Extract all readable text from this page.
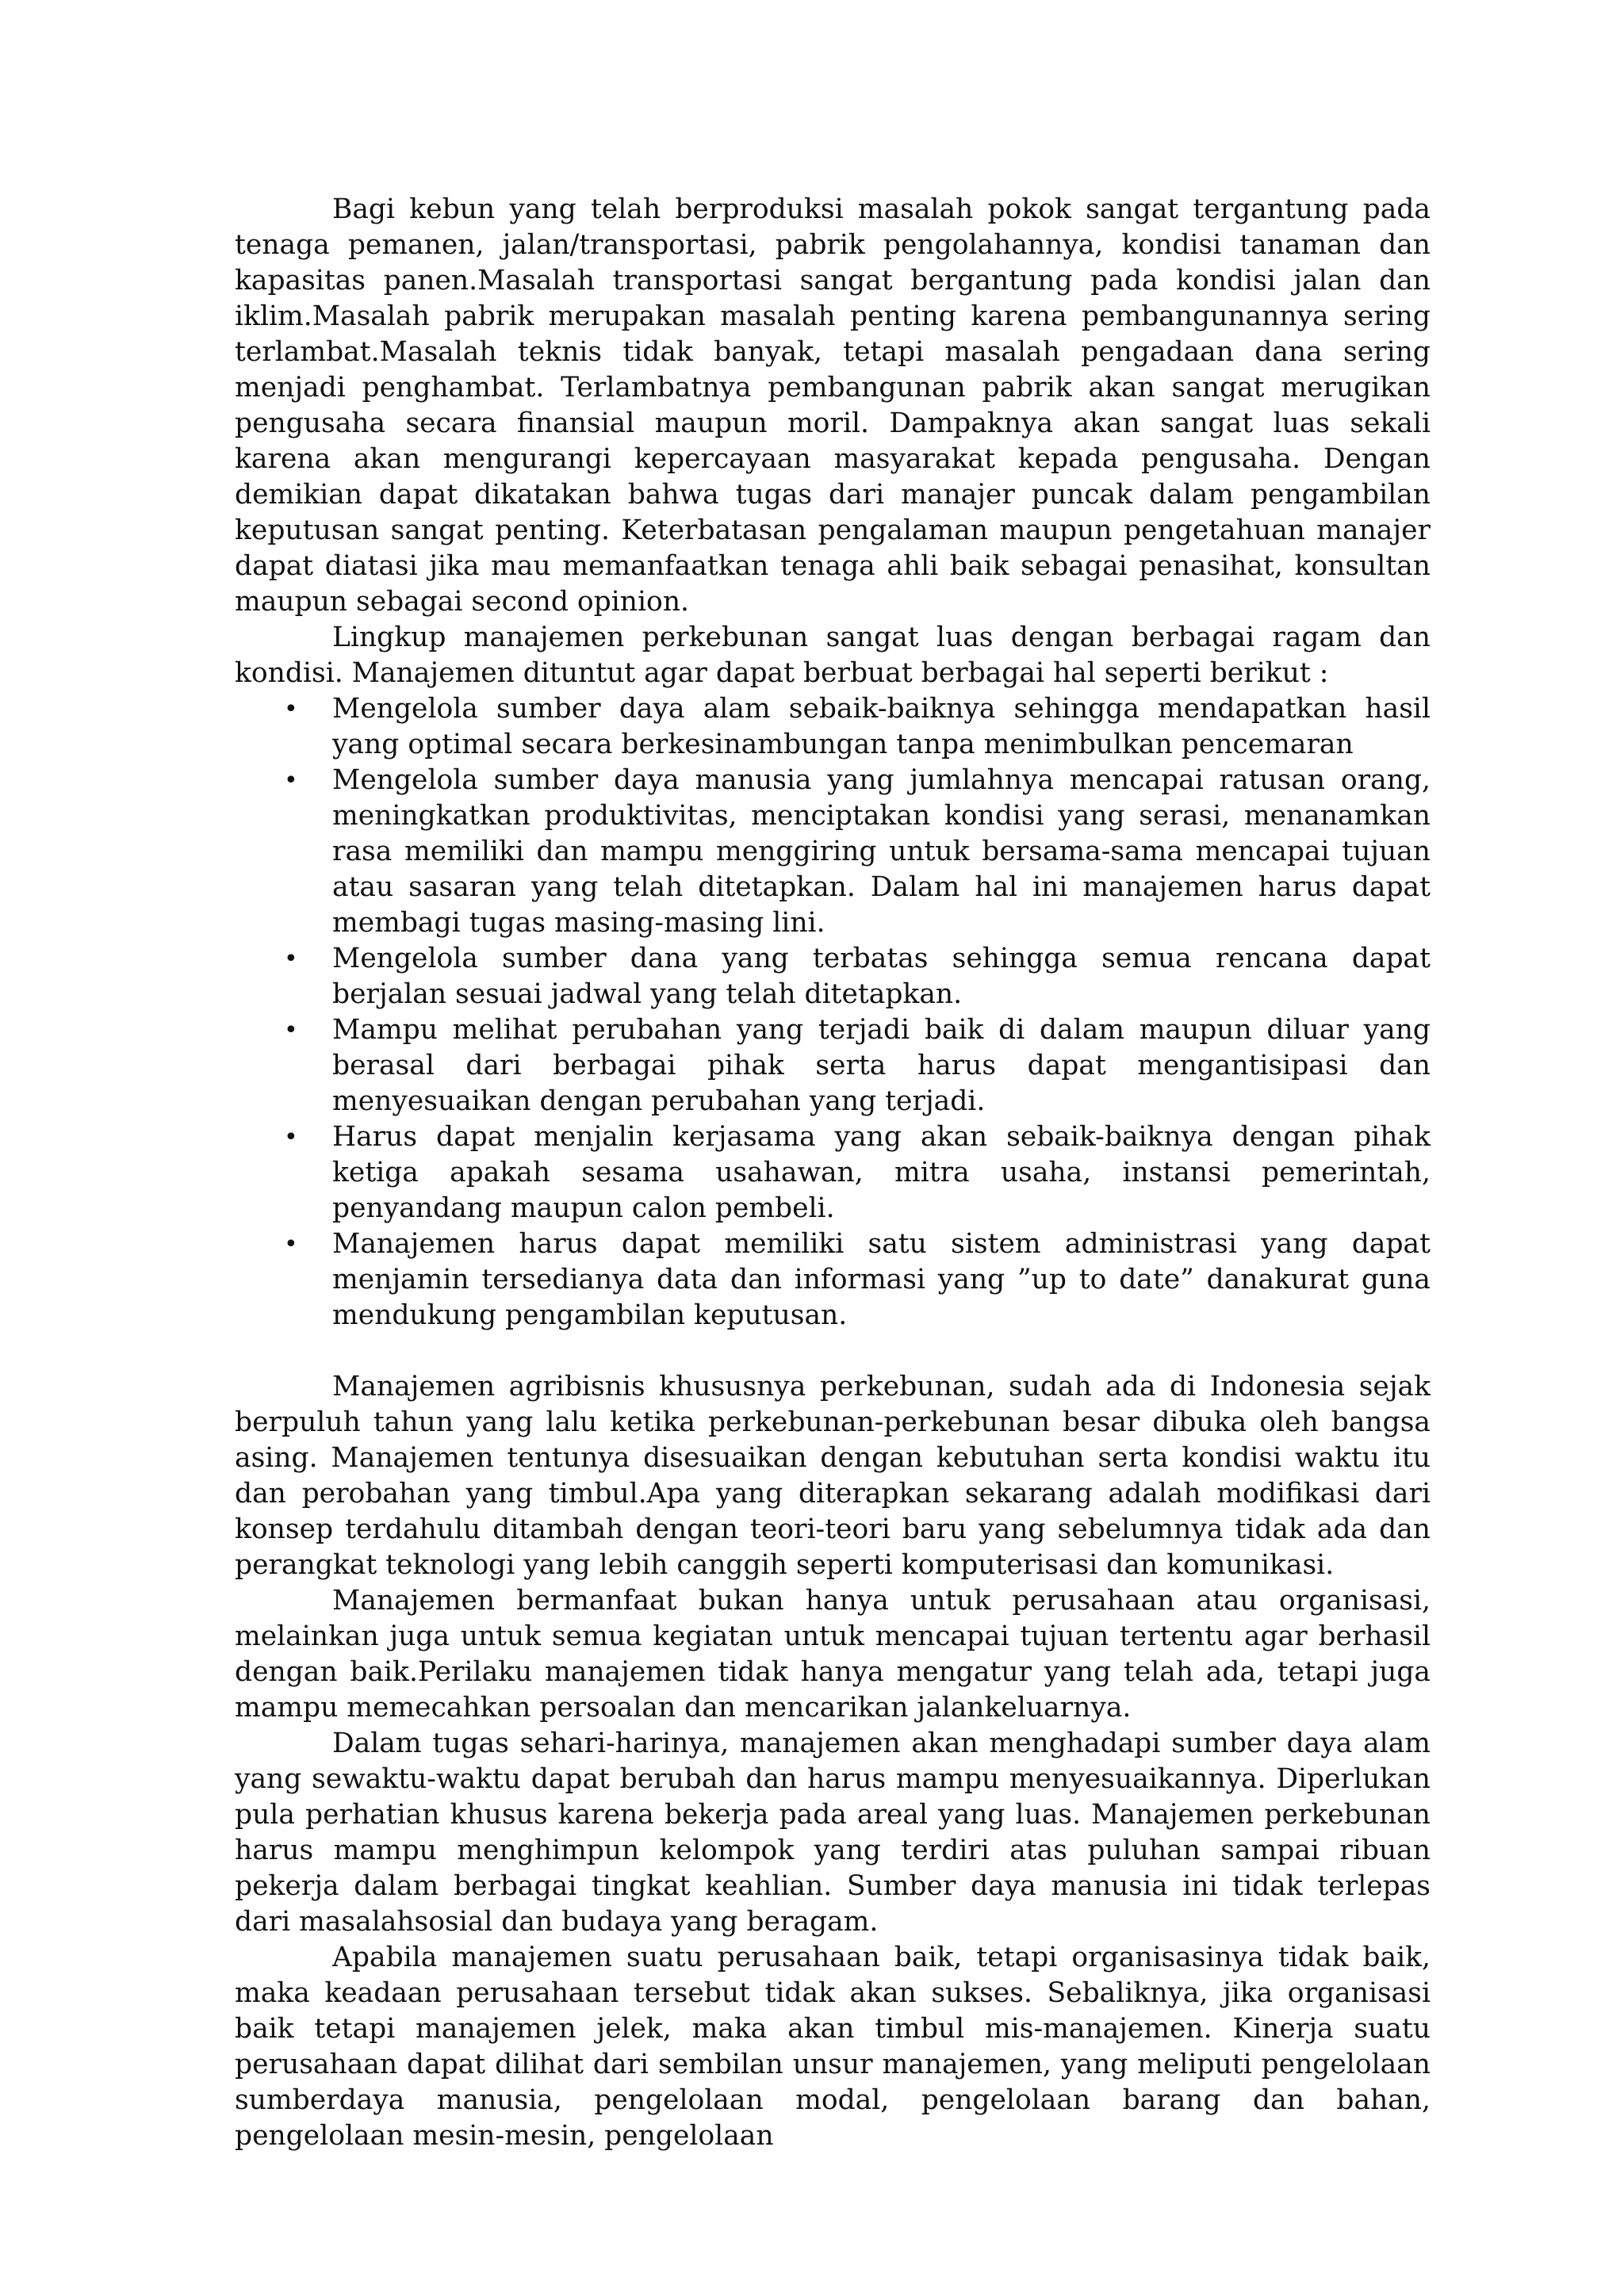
Bagi kebun yang telah berproduksi masalah pokok sangat tergantung pada tenaga pemanen, jalan/transportasi, pabrik pengolahannya, kondisi tanaman dan kapasitas panen.Masalah transportasi sangat bergantung pada kondisi jalan dan iklim.Masalah pabrik merupakan masalah penting karena pembangunannya sering terlambat.Masalah teknis tidak banyak, tetapi masalah pengadaan dana sering menjadi penghambat. Terlambatnya pembangunan pabrik akan sangat merugikan pengusaha secara finansial maupun moril. Dampaknya akan sangat luas sekali karena akan mengurangi kepercayaan masyarakat kepada pengusaha. Dengan demikian dapat dikatakan bahwa tugas dari manajer puncak dalam pengambilan keputusan sangat penting. Keterbatasan pengalaman maupun pengetahuan manajer dapat diatasi jika mau memanfaatkan tenaga ahli baik sebagai penasihat, konsultan maupun sebagai second opinion.

Lingkup manajemen perkebunan sangat luas dengan berbagai ragam dan kondisi. Manajemen dituntut agar dapat berbuat berbagai hal seperti berikut :

• Mengelola sumber daya alam sebaik-baiknya sehingga mendapatkan hasil yang optimal secara berkesinambungan tanpa menimbulkan pencemaran
• Mengelola sumber daya manusia yang jumlahnya mencapai ratusan orang, meningkatkan produktivitas, menciptakan kondisi yang serasi, menanamkan rasa memiliki dan mampu menggiring untuk bersama-sama mencapai tujuan atau sasaran yang telah ditetapkan. Dalam hal ini manajemen harus dapat membagi tugas masing-masing lini.
• Mengelola sumber dana yang terbatas sehingga semua rencana dapat berjalan sesuai jadwal yang telah ditetapkan.
• Mampu melihat perubahan yang terjadi baik di dalam maupun diluar yang berasal dari berbagai pihak serta harus dapat mengantisipasi dan menyesuaikan dengan perubahan yang terjadi.
• Harus dapat menjalin kerjasama yang akan sebaik-baiknya dengan pihak ketiga apakah sesama usahawan, mitra usaha, instansi pemerintah, penyandang maupun calon pembeli.
• Manajemen harus dapat memiliki satu sistem administrasi yang dapat menjamin tersedianya data dan informasi yang ”up to date” danakurat guna mendukung pengambilan keputusan.

Manajemen agribisnis khususnya perkebunan, sudah ada di Indonesia sejak berpuluh tahun yang lalu ketika perkebunan-perkebunan besar dibuka oleh bangsa asing. Manajemen tentunya disesuaikan dengan kebutuhan serta kondisi waktu itu dan perobahan yang timbul.Apa yang diterapkan sekarang adalah modifikasi dari konsep terdahulu ditambah dengan teori-teori baru yang sebelumnya tidak ada dan perangkat teknologi yang lebih canggih seperti komputerisasi dan komunikasi.

Manajemen bermanfaat bukan hanya untuk perusahaan atau organisasi, melainkan juga untuk semua kegiatan untuk mencapai tujuan tertentu agar berhasil dengan baik.Perilaku manajemen tidak hanya mengatur yang telah ada, tetapi juga mampu memecahkan persoalan dan mencarikan jalankeluarnya.

Dalam tugas sehari-harinya, manajemen akan menghadapi sumber daya alam yang sewaktu-waktu dapat berubah dan harus mampu menyesuaikannya. Diperlukan pula perhatian khusus karena bekerja pada areal yang luas. Manajemen perkebunan harus mampu menghimpun kelompok yang terdiri atas puluhan sampai ribuan pekerja dalam berbagai tingkat keahlian. Sumber daya manusia ini tidak terlepas dari masalahsosial dan budaya yang beragam.

Apabila manajemen suatu perusahaan baik, tetapi organisasinya tidak baik, maka keadaan perusahaan tersebut tidak akan sukses. Sebaliknya, jika organisasi baik tetapi manajemen jelek, maka akan timbul mis-manajemen. Kinerja suatu perusahaan dapat dilihat dari sembilan unsur manajemen, yang meliputi pengelolaan sumberdaya manusia, pengelolaan modal, pengelolaan barang dan bahan, pengelolaan mesin-mesin, pengelolaan
